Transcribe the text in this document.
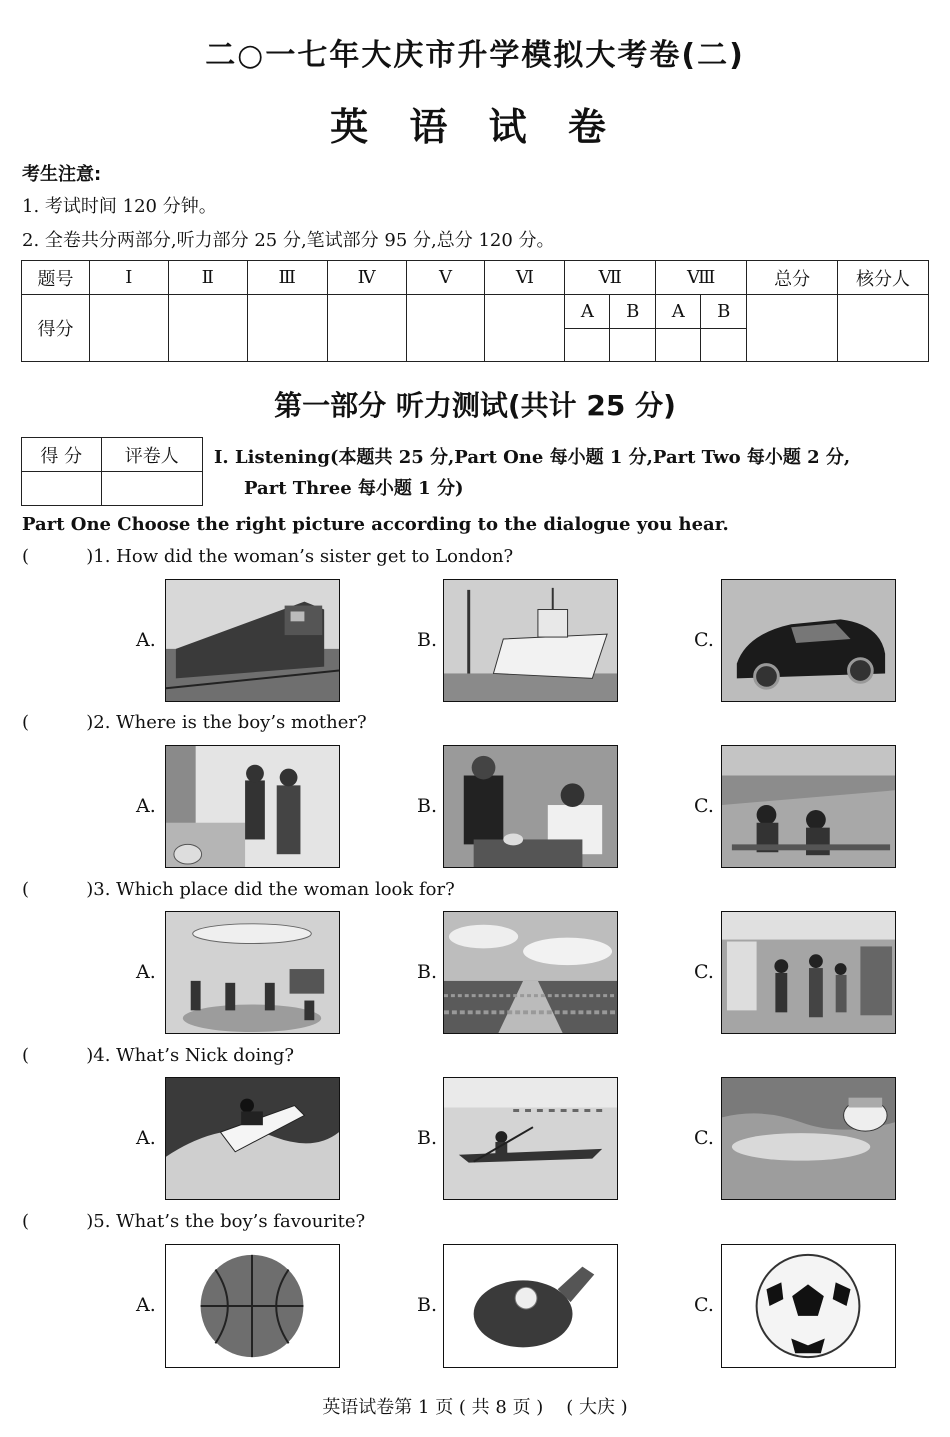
二○一七年大庆市升学模拟大考卷(二)
英 语 试 卷
考生注意:
1. 考试时间 120 分钟。
2. 全卷共分两部分,听力部分 25 分,笔试部分 95 分,总分 120 分。
题号	Ⅰ	Ⅱ	Ⅲ	Ⅳ	Ⅴ	Ⅵ	Ⅶ		Ⅷ		总分	核分人
得分							A	B	A	B		

第一部分 听力测试(共计 25 分)
得 分	评卷人
	Ⅰ. Listening(本题共 25 分,Part One 每小题 1 分,Part Two 每小题 2 分,
Part Three 每小题 1 分)
Part One Choose the right picture according to the dialogue you hear.
(          )1. How did the woman’s sister get to London?
A.	B.	C.
(          )2. Where is the boy’s mother?
A.	B.	C.
(          )3. Which place did the woman look for?
A.	B.	C.
(          )4. What’s Nick doing?
A.	B.	C.
(          )5. What’s the boy’s favourite?
A.	B.	C.
英语试卷第 1 页 ( 共 8 页 )    ( 大庆 )
